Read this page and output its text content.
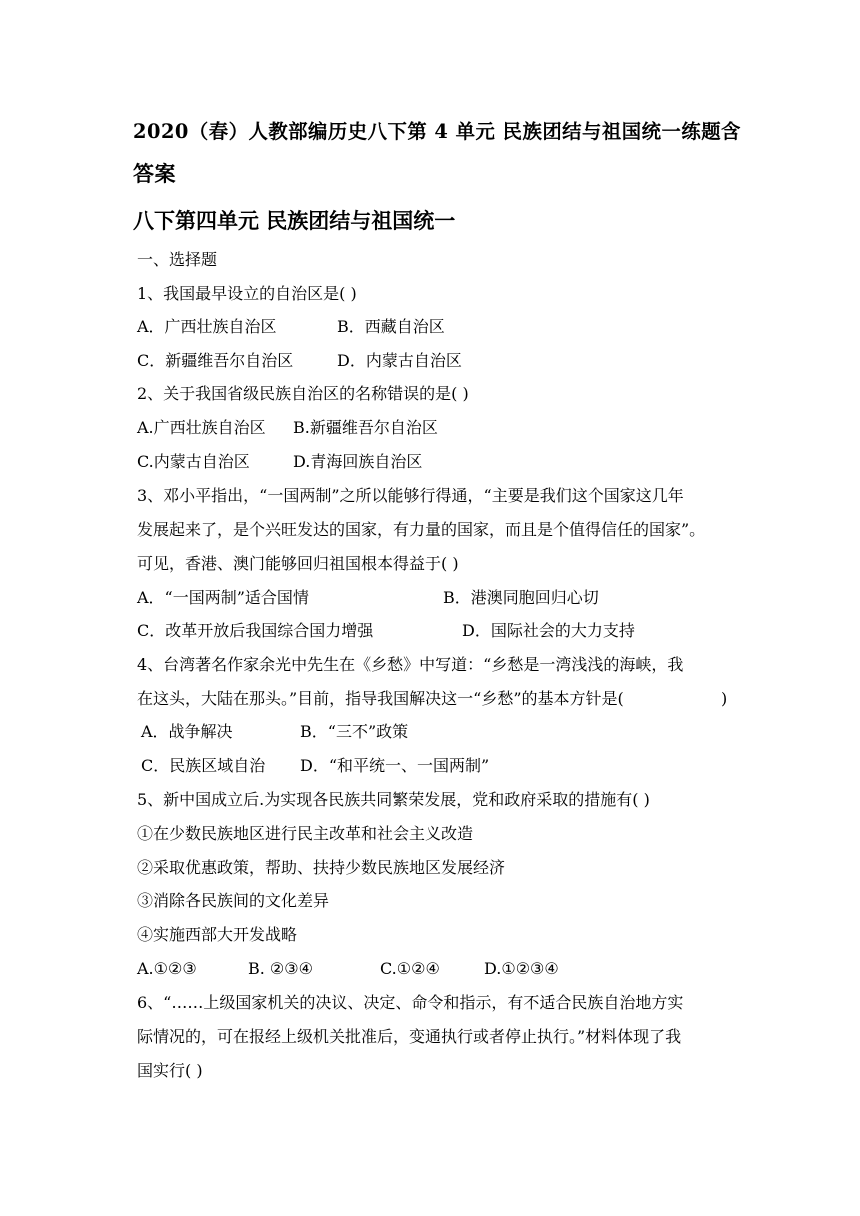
2020（春）人教部编历史八下第 4 单元 民族团结与祖国统一练题含
答案
八下第四单元 民族团结与祖国统一
一、选择题
1、我国最早设立的自治区是( )
A．广西壮族自治区	B．西藏自治区
C．新疆维吾尔自治区	D．内蒙古自治区
2、关于我国省级民族自治区的名称错误的是( )
A.广西壮族自治区 B.新疆维吾尔自治区
C.内蒙古自治区	D.青海回族自治区
3、邓小平指出，“一国两制”之所以能够行得通，“主要是我们这个国家这几年
发展起来了，是个兴旺发达的国家，有力量的国家，而且是个值得信任的国家”。
可见，香港、澳门能够回归祖国根本得益于( )
A．“一国两制”适合国情	B．港澳同胞回归心切
C．改革开放后我国综合国力增强	D．国际社会的大力支持
4、台湾著名作家余光中先生在《乡愁》中写道：“乡愁是一湾浅浅的海峡，我
在这头，大陆在那头。”目前，指导我国解决这一“乡愁”的基本方针是(	)
A．战争解决	B．“三不”政策
C．民族区域自治 D．“和平统一、一国两制”
5、新中国成立后.为实现各民族共同繁荣发展，党和政府采取的措施有( )
①在少数民族地区进行民主改革和社会主义改造
②采取优惠政策，帮助、扶持少数民族地区发展经济
③消除各民族间的文化差异
④实施西部大开发战略
A.①②③	B. ②③④	C.①②④	D.①②③④
6、“……上级国家机关的决议、决定、命令和指示，有不适合民族自治地方实
际情况的，可在报经上级机关批准后，变通执行或者停止执行。”材料体现了我
国实行( )
